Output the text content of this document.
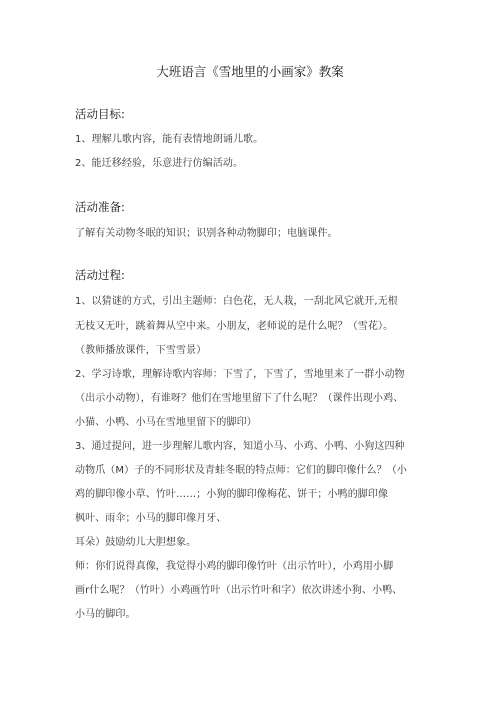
大班语言《雪地里的小画家》教案
活动目标:
1、理解儿歌内容，能有表情地朗诵儿歌。
2、能迁移经验，乐意进行仿编活动。
活动准备:
了解有关动物冬眠的知识；识别各种动物脚印；电脑课件。
活动过程:
1、以猜谜的方式，引出主题师：白色花，无人栽，一刮北风它就开,无根
无枝又无叶，跳着舞从空中来。小朋友，老师说的是什么呢？（雪花）。
（教师播放课件，下雪雪景）
2、学习诗歌，理解诗歌内容师：下雪了，下雪了，雪地里来了一群小动物
（出示小动物），有谁呀？他们在雪地里留下了什么呢？（课件出现小鸡、
小猫、小鸭、小马在雪地里留下的脚印）
3、通过提问，进一步理解儿歌内容，知道小马、小鸡、小鸭、小狗这四种
动物爪（M）子的不同形状及青蛙冬眠的特点师：它们的脚印像什么？（小
鸡的脚印像小草、竹叶……；小狗的脚印像梅花、饼干；小鸭的脚印像
枫叶、雨伞；小马的脚印像月牙、
耳朵）鼓励幼儿大胆想象。
师：你们说得真像，我觉得小鸡的脚印像竹叶（出示竹叶），小鸡用小脚
画r什么呢？（竹叶）小鸡画竹叶（出示竹叶和字）依次讲述小狗、小鸭、
小马的脚印。
